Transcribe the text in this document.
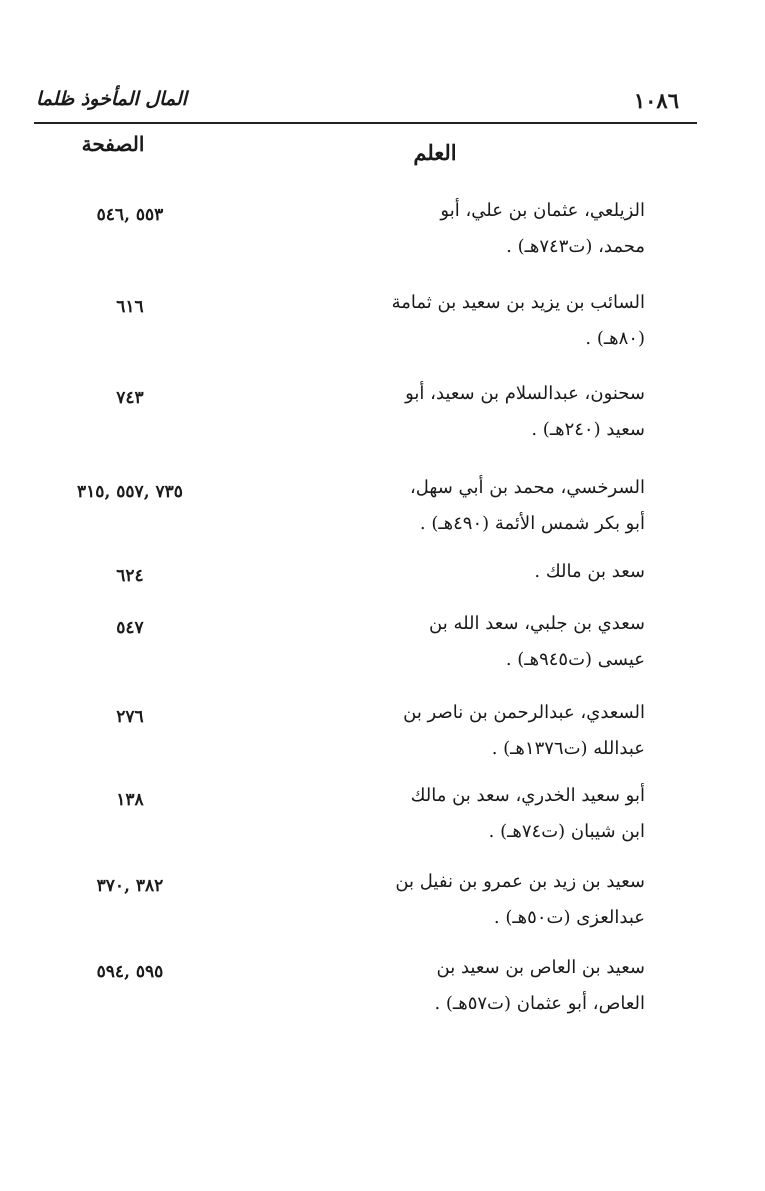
المال المأخوذ ظلما	١٠٨٦
الصفحة	العلم
٥٥٣ ,٥٤٦	الزيلعي، عثمان بن علي، أبو
محمد، (ت٧٤٣هـ) .
٦١٦	السائب بن يزيد بن سعيد بن ثمامة
(٨٠هـ) .
٧٤٣	سحنون، عبدالسلام بن سعيد، أبو
سعيد (٢٤٠هـ) .
٧٣٥ ,٥٥٧ ,٣١٥	السرخسي، محمد بن أبي سهل،
أبو بكر شمس الأئمة (٤٩٠هـ) .
٦٢٤	سعد بن مالك .
٥٤٧	سعدي بن جلبي، سعد الله بن
عيسى (ت٩٤٥هـ) .
٢٧٦	السعدي، عبدالرحمن بن ناصر بن
عبدالله (ت١٣٧٦هـ) .
١٣٨	أبو سعيد الخدري، سعد بن مالك
ابن شيبان (ت٧٤هـ) .
٣٨٢ ,٣٧٠	سعيد بن زيد بن عمرو بن نفيل بن
عبدالعزى (ت٥٠هـ) .
٥٩٥ ,٥٩٤	سعيد بن العاص بن سعيد بن
العاص، أبو عثمان (ت٥٧هـ) .
